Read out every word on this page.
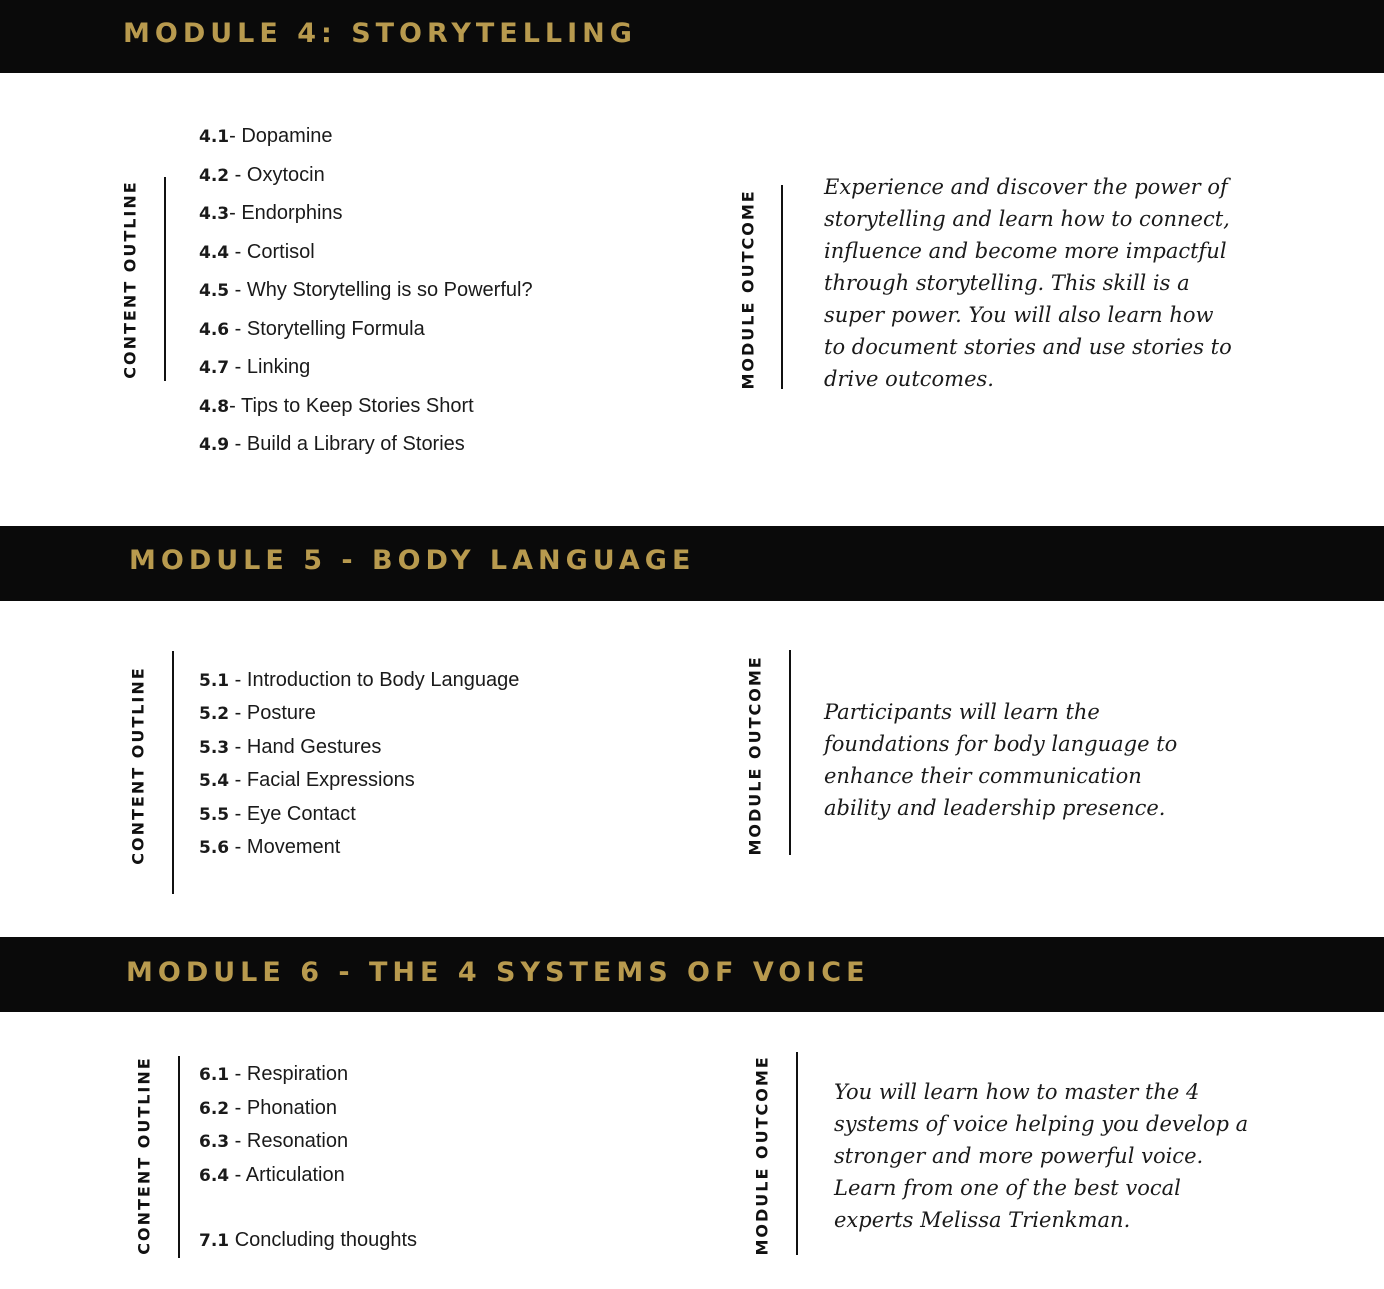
MODULE 4: STORYTELLING
CONTENT OUTLINE
4.1- Dopamine
4.2 - Oxytocin
4.3- Endorphins
4.4 - Cortisol
4.5 - Why Storytelling is so Powerful?
4.6 - Storytelling Formula
4.7 - Linking
4.8- Tips to Keep Stories Short
4.9 - Build a Library of Stories
MODULE OUTCOME

Experience and discover the power of storytelling and learn how to connect, influence and become more impactful through storytelling. This skill is a super power. You will also learn how to document stories and use stories to drive outcomes.

MODULE 5 - BODY LANGUAGE
CONTENT OUTLINE	5.1 - Introduction to Body Language
5.2 - Posture
5.3 - Hand Gestures
5.4 - Facial Expressions
5.5 - Eye Contact
5.6 - Movement	MODULE OUTCOME	Participants will learn the foundations for body language to enhance their communication ability and leadership presence.

MODULE 6 - THE 4 SYSTEMS OF VOICE
CONTENT OUTLINE	6.1 - Respiration
6.2 - Phonation
6.3 - Resonation
6.4 - Articulation
7.1 Concluding thoughts	MODULE OUTCOME	You will learn how to master the 4 systems of voice helping you develop a stronger and more powerful voice. Learn from one of the best vocal experts Melissa Trienkman.
